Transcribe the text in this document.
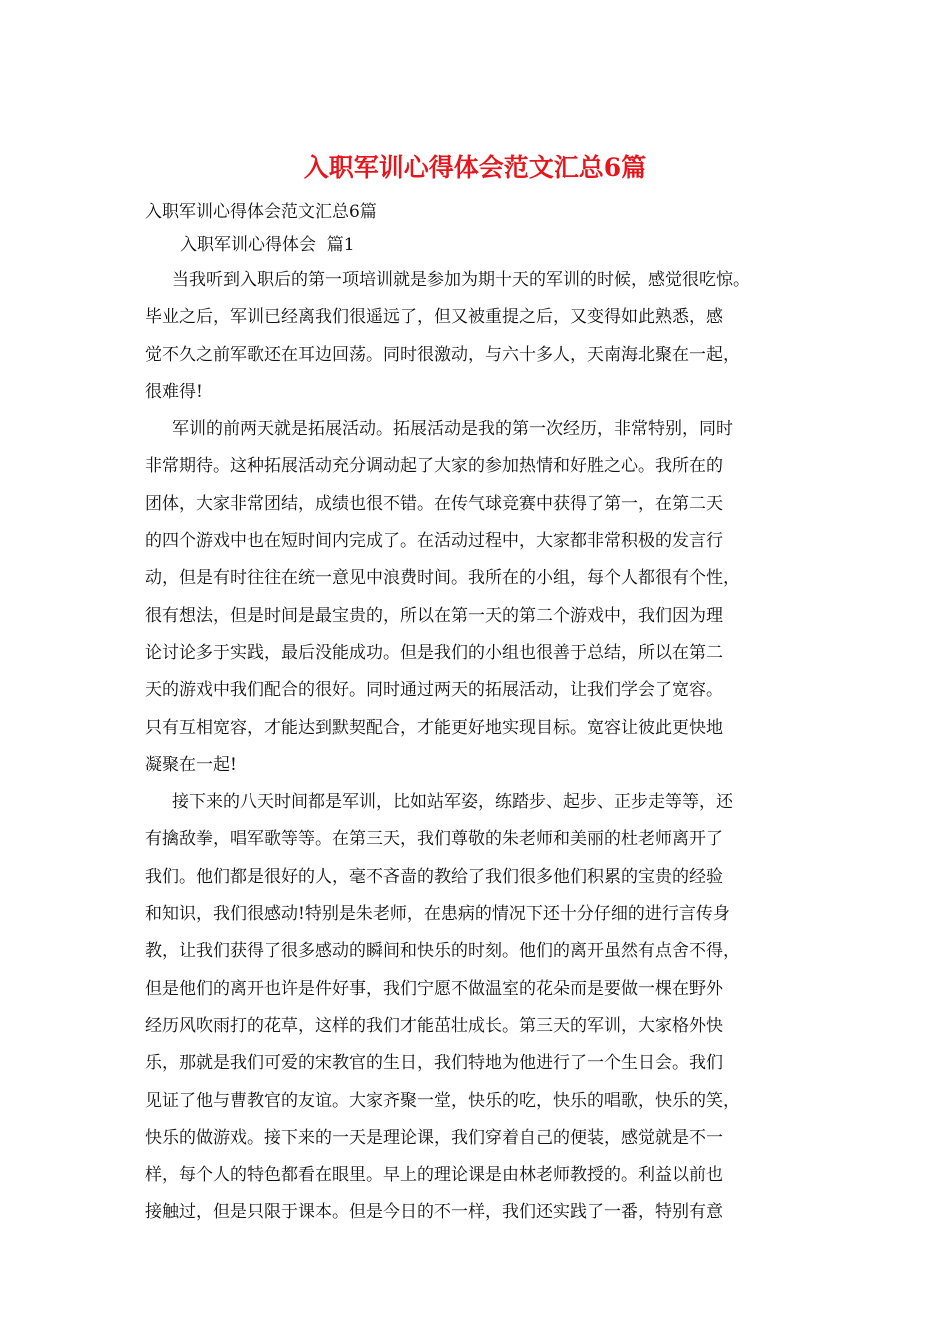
入职军训心得体会范文汇总6篇

入职军训心得体会范文汇总6篇

入职军训心得体会  篇1

当我听到入职后的第一项培训就是参加为期十天的军训的时候，感觉很吃惊。
毕业之后，军训已经离我们很遥远了，但又被重提之后，又变得如此熟悉，感
觉不久之前军歌还在耳边回荡。同时很激动，与六十多人，天南海北聚在一起，
很难得!
军训的前两天就是拓展活动。拓展活动是我的第一次经历，非常特别，同时
非常期待。这种拓展活动充分调动起了大家的参加热情和好胜之心。我所在的
团体，大家非常团结，成绩也很不错。在传气球竞赛中获得了第一，在第二天
的四个游戏中也在短时间内完成了。在活动过程中，大家都非常积极的发言行
动，但是有时往往在统一意见中浪费时间。我所在的小组，每个人都很有个性，
很有想法，但是时间是最宝贵的，所以在第一天的第二个游戏中，我们因为理
论讨论多于实践，最后没能成功。但是我们的小组也很善于总结，所以在第二
天的游戏中我们配合的很好。同时通过两天的拓展活动，让我们学会了宽容。
只有互相宽容，才能达到默契配合，才能更好地实现目标。宽容让彼此更快地
凝聚在一起!
接下来的八天时间都是军训，比如站军姿，练踏步、起步、正步走等等，还
有擒敌拳，唱军歌等等。在第三天，我们尊敬的朱老师和美丽的杜老师离开了
我们。他们都是很好的人，毫不吝啬的教给了我们很多他们积累的宝贵的经验
和知识，我们很感动!特别是朱老师，在患病的情况下还十分仔细的进行言传身
教，让我们获得了很多感动的瞬间和快乐的时刻。他们的离开虽然有点舍不得，
但是他们的离开也许是件好事，我们宁愿不做温室的花朵而是要做一棵在野外
经历风吹雨打的花草，这样的我们才能茁壮成长。第三天的军训，大家格外快
乐，那就是我们可爱的宋教官的生日，我们特地为他进行了一个生日会。我们
见证了他与曹教官的友谊。大家齐聚一堂，快乐的吃，快乐的唱歌，快乐的笑，
快乐的做游戏。接下来的一天是理论课，我们穿着自己的便装，感觉就是不一
样，每个人的特色都看在眼里。早上的理论课是由林老师教授的。利益以前也
接触过，但是只限于课本。但是今日的不一样，我们还实践了一番，特别有意
